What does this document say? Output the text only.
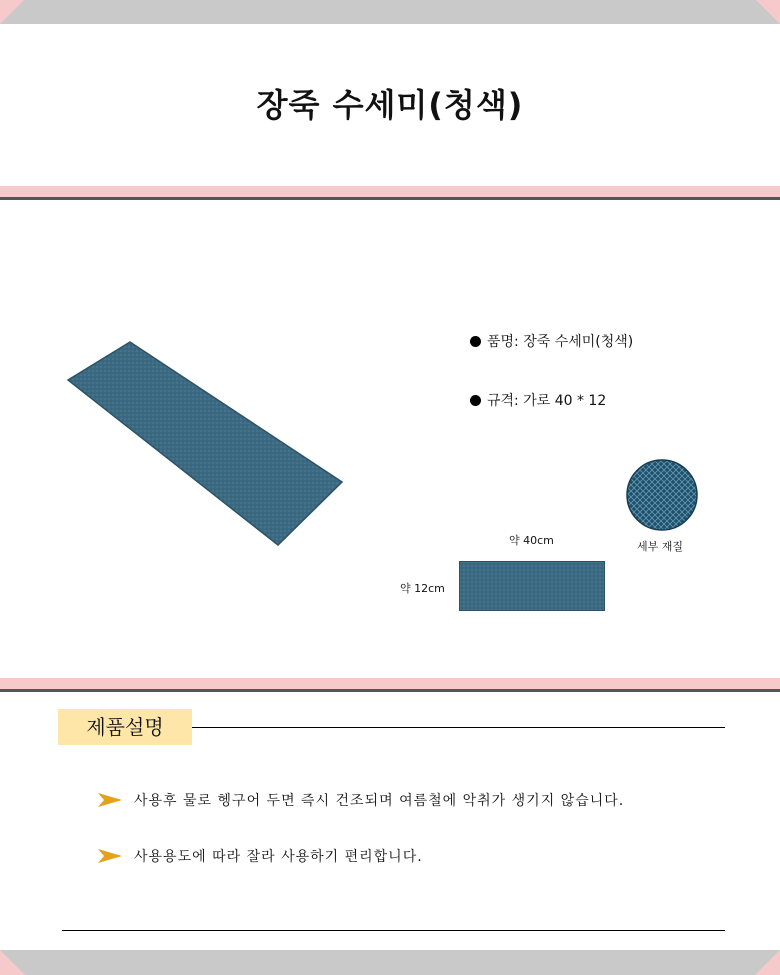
장죽 수세미(청색)
품명: 장죽 수세미(청색)
규격: 가로 40 * 12
세부 재질
약 40cm
약 12cm
제품설명
사용후 물로 헹구어 두면 즉시 건조되며 여름철에 악취가 생기지 않습니다.
사용용도에 따라 잘라 사용하기 편리합니다.
